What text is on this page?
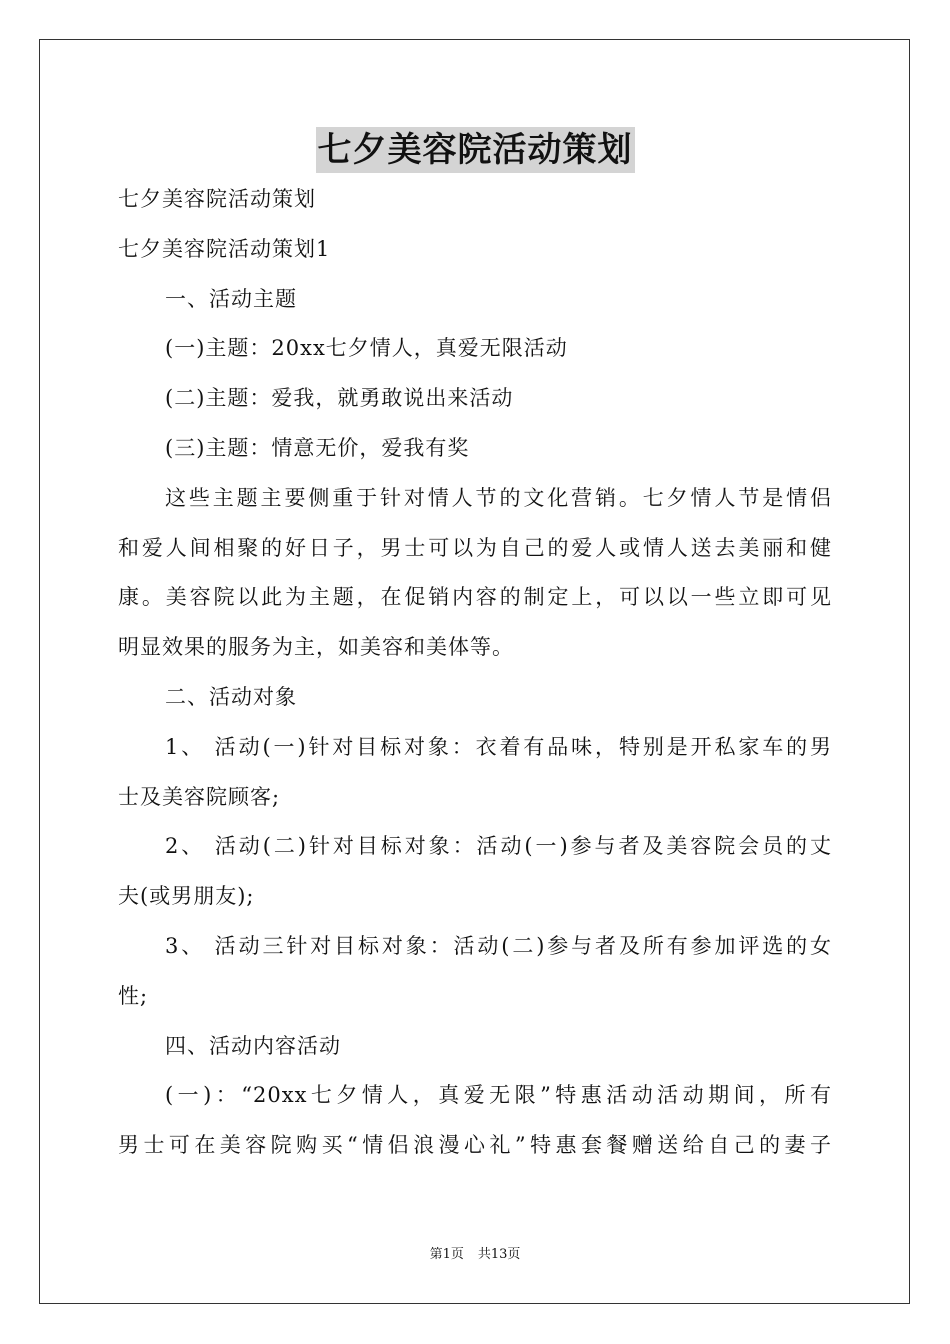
七夕美容院活动策划
七夕美容院活动策划
七夕美容院活动策划1
一、活动主题
(一)主题：20xx七夕情人，真爱无限活动
(二)主题：爱我，就勇敢说出来活动
(三)主题：情意无价，爱我有奖
这些主题主要侧重于针对情人节的文化营销。七夕情人节是情侣
和爱人间相聚的好日子，男士可以为自己的爱人或情人送去美丽和健
康。美容院以此为主题，在促销内容的制定上，可以以一些立即可见
明显效果的服务为主，如美容和美体等。
二、活动对象
1、 活动(一)针对目标对象：衣着有品味，特别是开私家车的男
士及美容院顾客;
2、 活动(二)针对目标对象：活动(一)参与者及美容院会员的丈
夫(或男朋友);
3、 活动三针对目标对象：活动(二)参与者及所有参加评选的女
性;
四、活动内容活动
(一)：“20xx七夕情人，真爱无限”特惠活动活动期间，所有
男士可在美容院购买“情侣浪漫心礼”特惠套餐赠送给自己的妻子
第1页 共13页
